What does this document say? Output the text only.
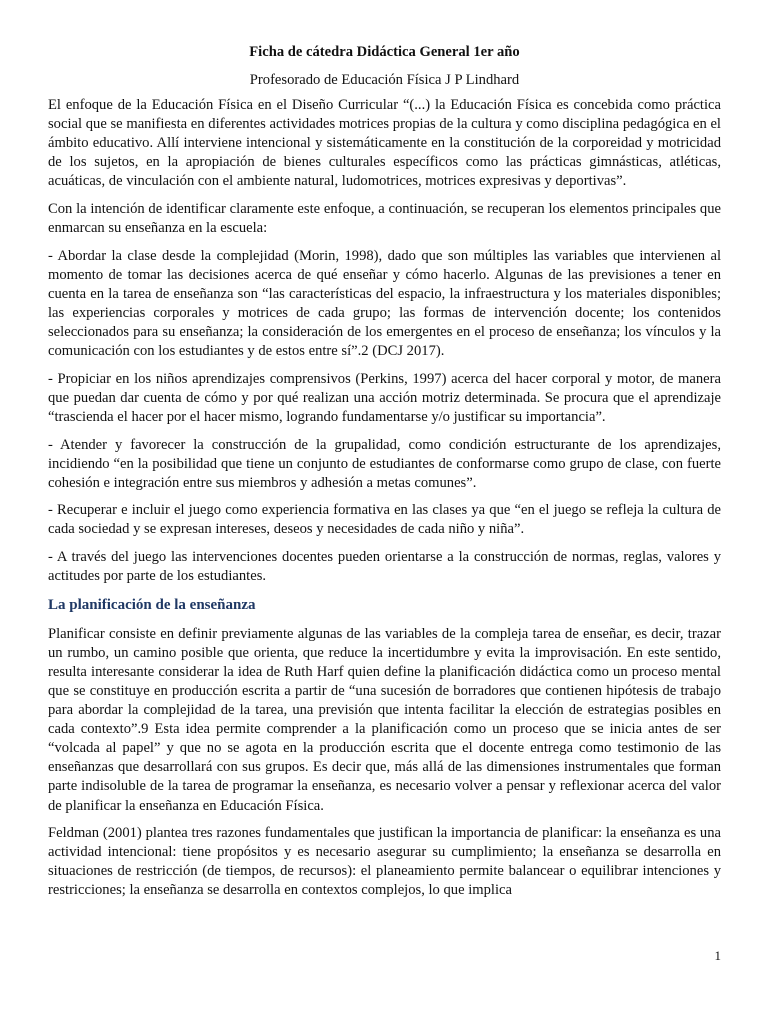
Ficha de cátedra Didáctica General 1er año
Profesorado de Educación Física J P Lindhard

El enfoque de la Educación Física en el Diseño Curricular “(...) la Educación Física es concebida como práctica social que se manifiesta en diferentes actividades motrices propias de la cultura y como disciplina pedagógica en el ámbito educativo. Allí interviene intencional y sistemáticamente en la constitución de la corporeidad y motricidad de los sujetos, en la apropiación de bienes culturales específicos como las prácticas gimnásticas, atléticas, acuáticas, de vinculación con el ambiente natural, ludomotrices, motrices expresivas y deportivas”.

Con la intención de identificar claramente este enfoque, a continuación, se recuperan los elementos principales que enmarcan su enseñanza en la escuela:

- Abordar la clase desde la complejidad (Morin, 1998), dado que son múltiples las variables que intervienen al momento de tomar las decisiones acerca de qué enseñar y cómo hacerlo. Algunas de las previsiones a tener en cuenta en la tarea de enseñanza son “las características del espacio, la infraestructura y los materiales disponibles; las experiencias corporales y motrices de cada grupo; las formas de intervención docente; los contenidos seleccionados para su enseñanza; la consideración de los emergentes en el proceso de enseñanza; los vínculos y la comunicación con los estudiantes y de estos entre sí”.2 (DCJ 2017).

- Propiciar en los niños aprendizajes comprensivos (Perkins, 1997) acerca del hacer corporal y motor, de manera que puedan dar cuenta de cómo y por qué realizan una acción motriz determinada. Se procura que el aprendizaje “trascienda el hacer por el hacer mismo, logrando fundamentarse y/o justificar su importancia”.

- Atender y favorecer la construcción de la grupalidad, como condición estructurante de los aprendizajes, incidiendo “en la posibilidad que tiene un conjunto de estudiantes de conformarse como grupo de clase, con fuerte cohesión e integración entre sus miembros y adhesión a metas comunes”.

- Recuperar e incluir el juego como experiencia formativa en las clases ya que “en el juego se refleja la cultura de cada sociedad y se expresan intereses, deseos y necesidades de cada niño y niña”.

- A través del juego las intervenciones docentes pueden orientarse a la construcción de normas, reglas, valores y actitudes por parte de los estudiantes.

La planificación de la enseñanza

Planificar consiste en definir previamente algunas de las variables de la compleja tarea de enseñar, es decir, trazar un rumbo, un camino posible que orienta, que reduce la incertidumbre y evita la improvisación. En este sentido, resulta interesante considerar la idea de Ruth Harf quien define la planificación didáctica como un proceso mental que se constituye en producción escrita a partir de “una sucesión de borradores que contienen hipótesis de trabajo para abordar la complejidad de la tarea, una previsión que intenta facilitar la elección de estrategias posibles en cada contexto”.9 Esta idea permite comprender a la planificación como un proceso que se inicia antes de ser “volcada al papel” y que no se agota en la producción escrita que el docente entrega como testimonio de las enseñanzas que desarrollará con sus grupos. Es decir que, más allá de las dimensiones instrumentales que forman parte indisoluble de la tarea de programar la enseñanza, es necesario volver a pensar y reflexionar acerca del valor de planificar la enseñanza en Educación Física.

Feldman (2001) plantea tres razones fundamentales que justifican la importancia de planificar: la enseñanza es una actividad intencional: tiene propósitos y es necesario asegurar su cumplimiento; la enseñanza se desarrolla en situaciones de restricción (de tiempos, de recursos): el planeamiento permite balancear o equilibrar intenciones y restricciones; la enseñanza se desarrolla en contextos complejos, lo que implica

1
